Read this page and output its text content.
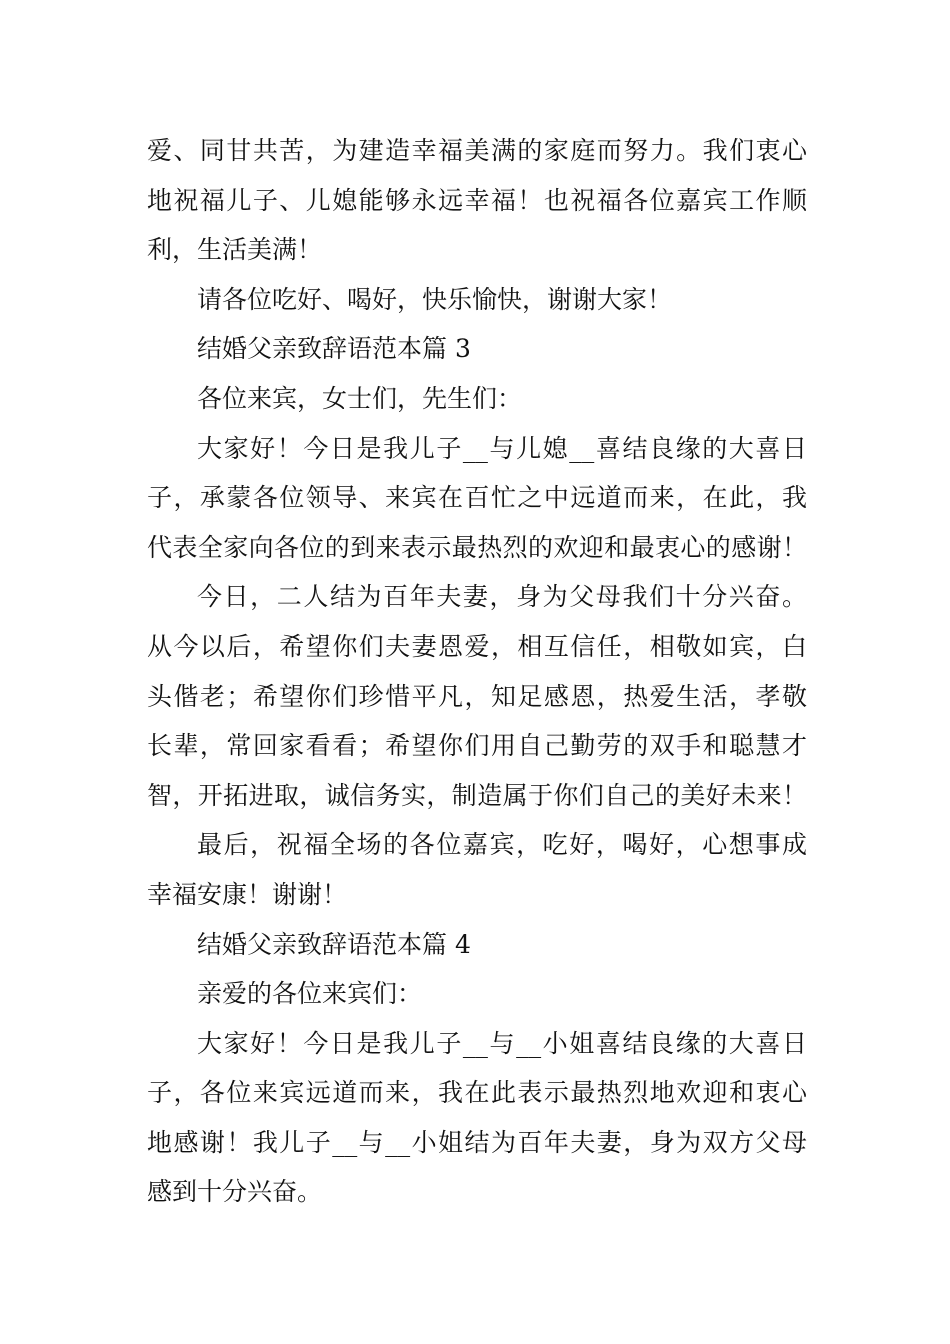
爱、同甘共苦，为建造幸福美满的家庭而努力。我们衷心
地祝福儿子、儿媳能够永远幸福！也祝福各位嘉宾工作顺
利，生活美满！
请各位吃好、喝好，快乐愉快，谢谢大家！
结婚父亲致辞语范本篇 3
各位来宾，女士们，先生们：
大家好！今日是我儿子__与儿媳__喜结良缘的大喜日
子，承蒙各位领导、来宾在百忙之中远道而来，在此，我
代表全家向各位的到来表示最热烈的欢迎和最衷心的感谢！
今日，二人结为百年夫妻，身为父母我们十分兴奋。
从今以后，希望你们夫妻恩爱，相互信任，相敬如宾，白
头偕老；希望你们珍惜平凡，知足感恩，热爱生活，孝敬
长辈，常回家看看；希望你们用自己勤劳的双手和聪慧才
智，开拓进取，诚信务实，制造属于你们自己的美好未来！
最后，祝福全场的各位嘉宾，吃好，喝好，心想事成
幸福安康！谢谢！
结婚父亲致辞语范本篇 4
亲爱的各位来宾们：
大家好！今日是我儿子__与__小姐喜结良缘的大喜日
子，各位来宾远道而来，我在此表示最热烈地欢迎和衷心
地感谢！我儿子__与__小姐结为百年夫妻，身为双方父母
感到十分兴奋。
